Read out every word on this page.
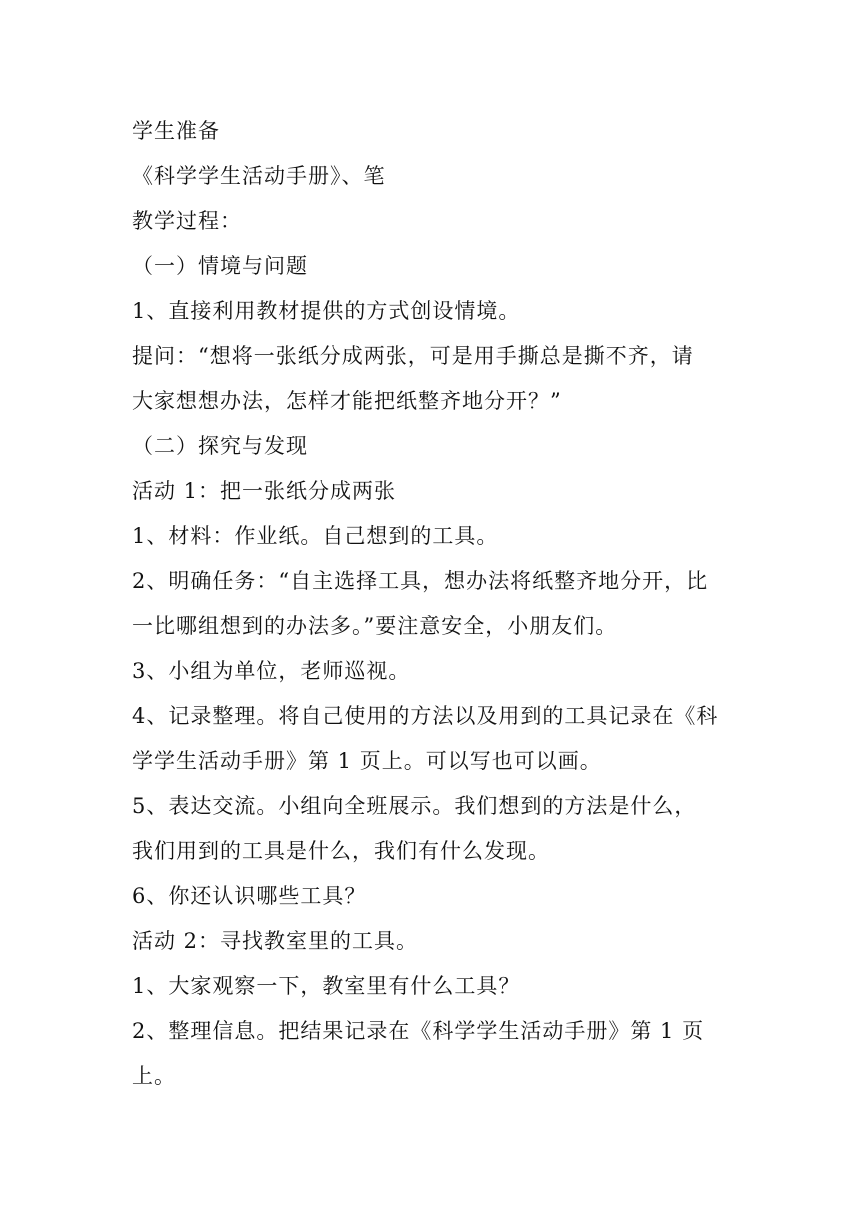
学生准备
《科学学生活动手册》、笔
教学过程：
（一）情境与问题
1、直接利用教材提供的方式创设情境。
提问：“想将一张纸分成两张，可是用手撕总是撕不齐，请
大家想想办法，怎样才能把纸整齐地分开？”
（二）探究与发现
活动 1：把一张纸分成两张
1、材料：作业纸。自己想到的工具。
2、明确任务：“自主选择工具，想办法将纸整齐地分开，比
一比哪组想到的办法多。”要注意安全，小朋友们。
3、小组为单位，老师巡视。
4、记录整理。将自己使用的方法以及用到的工具记录在《科
学学生活动手册》第 1 页上。可以写也可以画。
5、表达交流。小组向全班展示。我们想到的方法是什么，
我们用到的工具是什么，我们有什么发现。
6、你还认识哪些工具？
活动 2：寻找教室里的工具。
1、大家观察一下，教室里有什么工具？
2、整理信息。把结果记录在《科学学生活动手册》第 1 页
上。
